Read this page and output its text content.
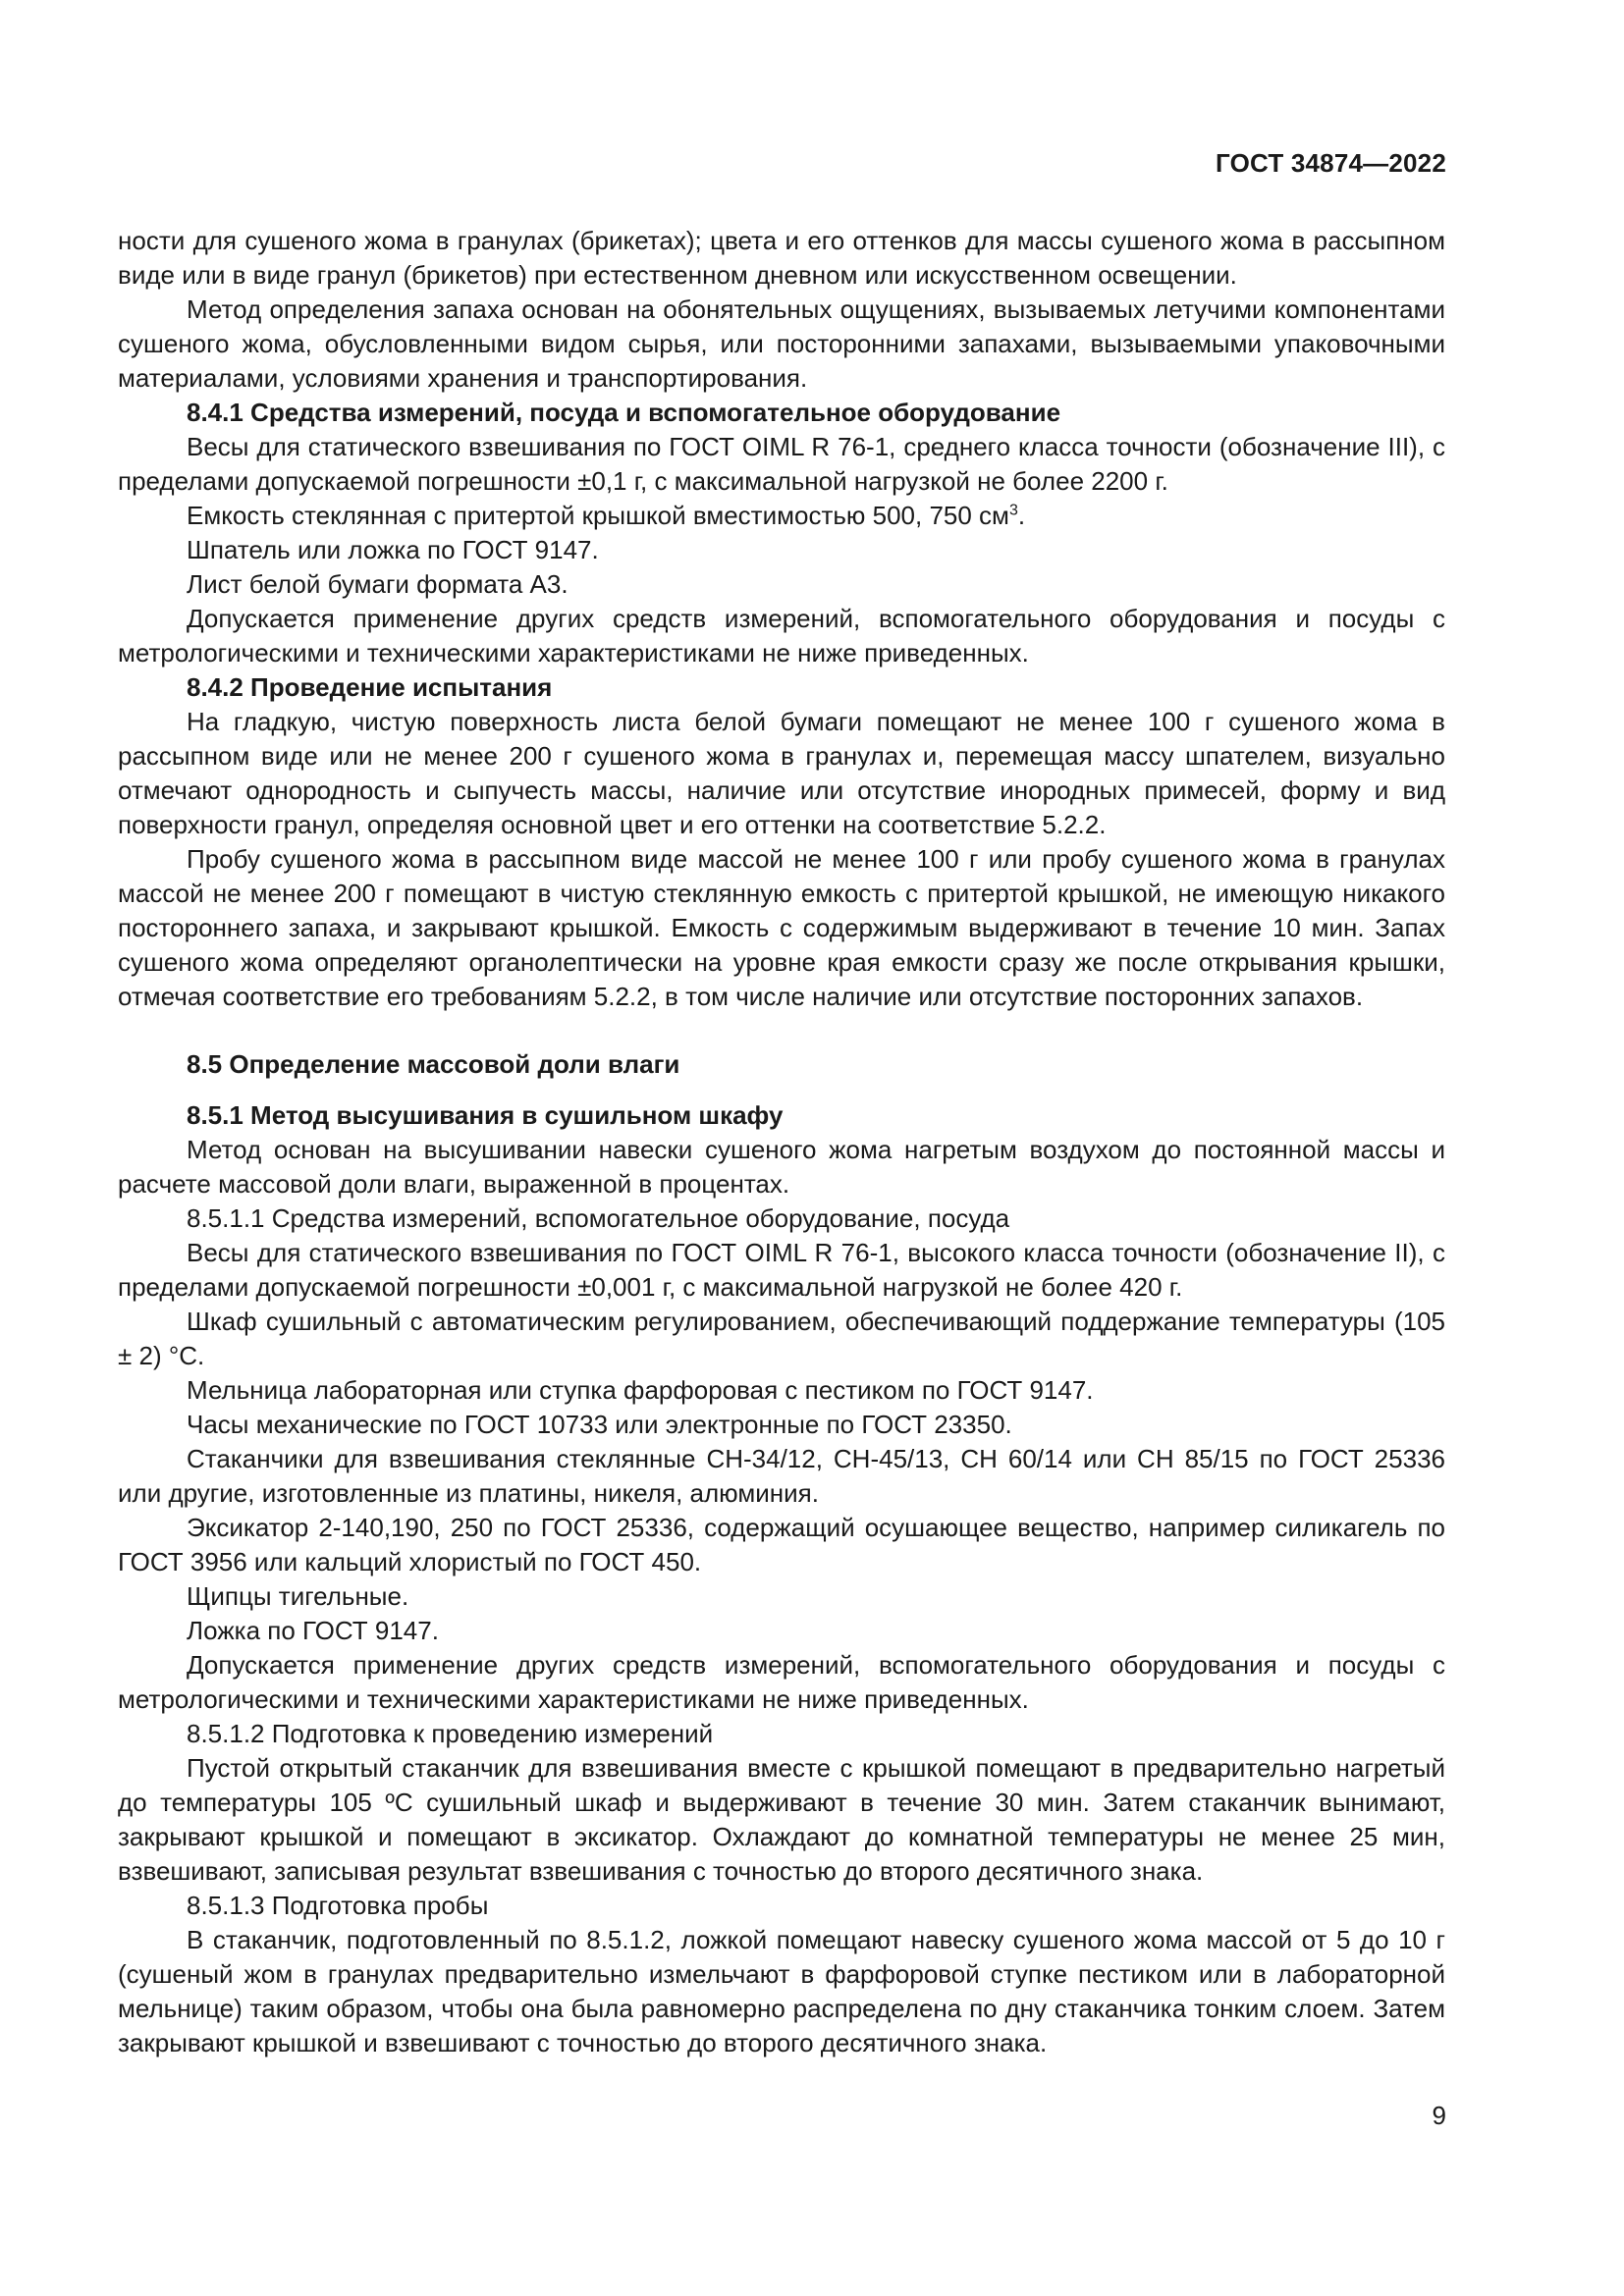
ГОСТ 34874—2022

ности для сушеного жома в гранулах (брикетах); цвета и его оттенков для массы сушеного жома в рассыпном виде или в виде гранул (брикетов) при естественном дневном или искусственном освещении.

Метод определения запаха основан на обонятельных ощущениях, вызываемых летучими компонентами сушеного жома, обусловленными видом сырья, или посторонними запахами, вызываемыми упаковочными материалами, условиями хранения и транспортирования.

8.4.1 Средства измерений, посуда и вспомогательное оборудование

Весы для статического взвешивания по ГОСТ OIML R 76-1, среднего класса точности (обозначение III), с пределами допускаемой погрешности ±0,1 г, с максимальной нагрузкой не более 2200 г.

Емкость стеклянная с притертой крышкой вместимостью 500, 750 $см^3$.

Шпатель или ложка по ГОСТ 9147.

Лист белой бумаги формата А3.

Допускается применение других средств измерений, вспомогательного оборудования и посуды с метрологическими и техническими характеристиками не ниже приведенных.

8.4.2 Проведение испытания

На гладкую, чистую поверхность листа белой бумаги помещают не менее 100 г сушеного жома в рассыпном виде или не менее 200 г сушеного жома в гранулах и, перемещая массу шпателем, визуально отмечают однородность и сыпучесть массы, наличие или отсутствие инородных примесей, форму и вид поверхности гранул, определяя основной цвет и его оттенки на соответствие 5.2.2.

Пробу сушеного жома в рассыпном виде массой не менее 100 г или пробу сушеного жома в гранулах массой не менее 200 г помещают в чистую стеклянную емкость с притертой крышкой, не имеющую никакого постороннего запаха, и закрывают крышкой. Емкость с содержимым выдерживают в течение 10 мин. Запах сушеного жома определяют органолептически на уровне края емкости сразу же после открывания крышки, отмечая соответствие его требованиям 5.2.2, в том числе наличие или отсутствие посторонних запахов.

8.5 Определение массовой доли влаги

8.5.1 Метод высушивания в сушильном шкафу

Метод основан на высушивании навески сушеного жома нагретым воздухом до постоянной массы и расчете массовой доли влаги, выраженной в процентах.

8.5.1.1 Средства измерений, вспомогательное оборудование, посуда

Весы для статического взвешивания по ГОСТ OIML R 76-1, высокого класса точности (обозначение II), с пределами допускаемой погрешности ±0,001 г, с максимальной нагрузкой не более 420 г.

Шкаф сушильный с автоматическим регулированием, обеспечивающий поддержание температуры (105 ± 2) °С.

Мельница лабораторная или ступка фарфоровая с пестиком по ГОСТ 9147.

Часы механические по ГОСТ 10733 или электронные по ГОСТ 23350.

Стаканчики для взвешивания стеклянные СН-34/12, СН-45/13, СН 60/14 или СН 85/15 по ГОСТ 25336 или другие, изготовленные из платины, никеля, алюминия.

Эксикатор 2-140,190, 250 по ГОСТ 25336, содержащий осушающее вещество, например силикагель по ГОСТ 3956 или кальций хлористый по ГОСТ 450.

Щипцы тигельные.

Ложка по ГОСТ 9147.

Допускается применение других средств измерений, вспомогательного оборудования и посуды с метрологическими и техническими характеристиками не ниже приведенных.

8.5.1.2 Подготовка к проведению измерений

Пустой открытый стаканчик для взвешивания вместе с крышкой помещают в предварительно нагретый до температуры 105 ºС сушильный шкаф и выдерживают в течение 30 мин. Затем стаканчик вынимают, закрывают крышкой и помещают в эксикатор. Охлаждают до комнатной температуры не менее 25 мин, взвешивают, записывая результат взвешивания с точностью до второго десятичного знака.

8.5.1.3 Подготовка пробы

В стаканчик, подготовленный по 8.5.1.2, ложкой помещают навеску сушеного жома массой от 5 до 10 г (сушеный жом в гранулах предварительно измельчают в фарфоровой ступке пестиком или в лабораторной мельнице) таким образом, чтобы она была равномерно распределена по дну стаканчика тонким слоем. Затем закрывают крышкой и взвешивают с точностью до второго десятичного знака.

9
